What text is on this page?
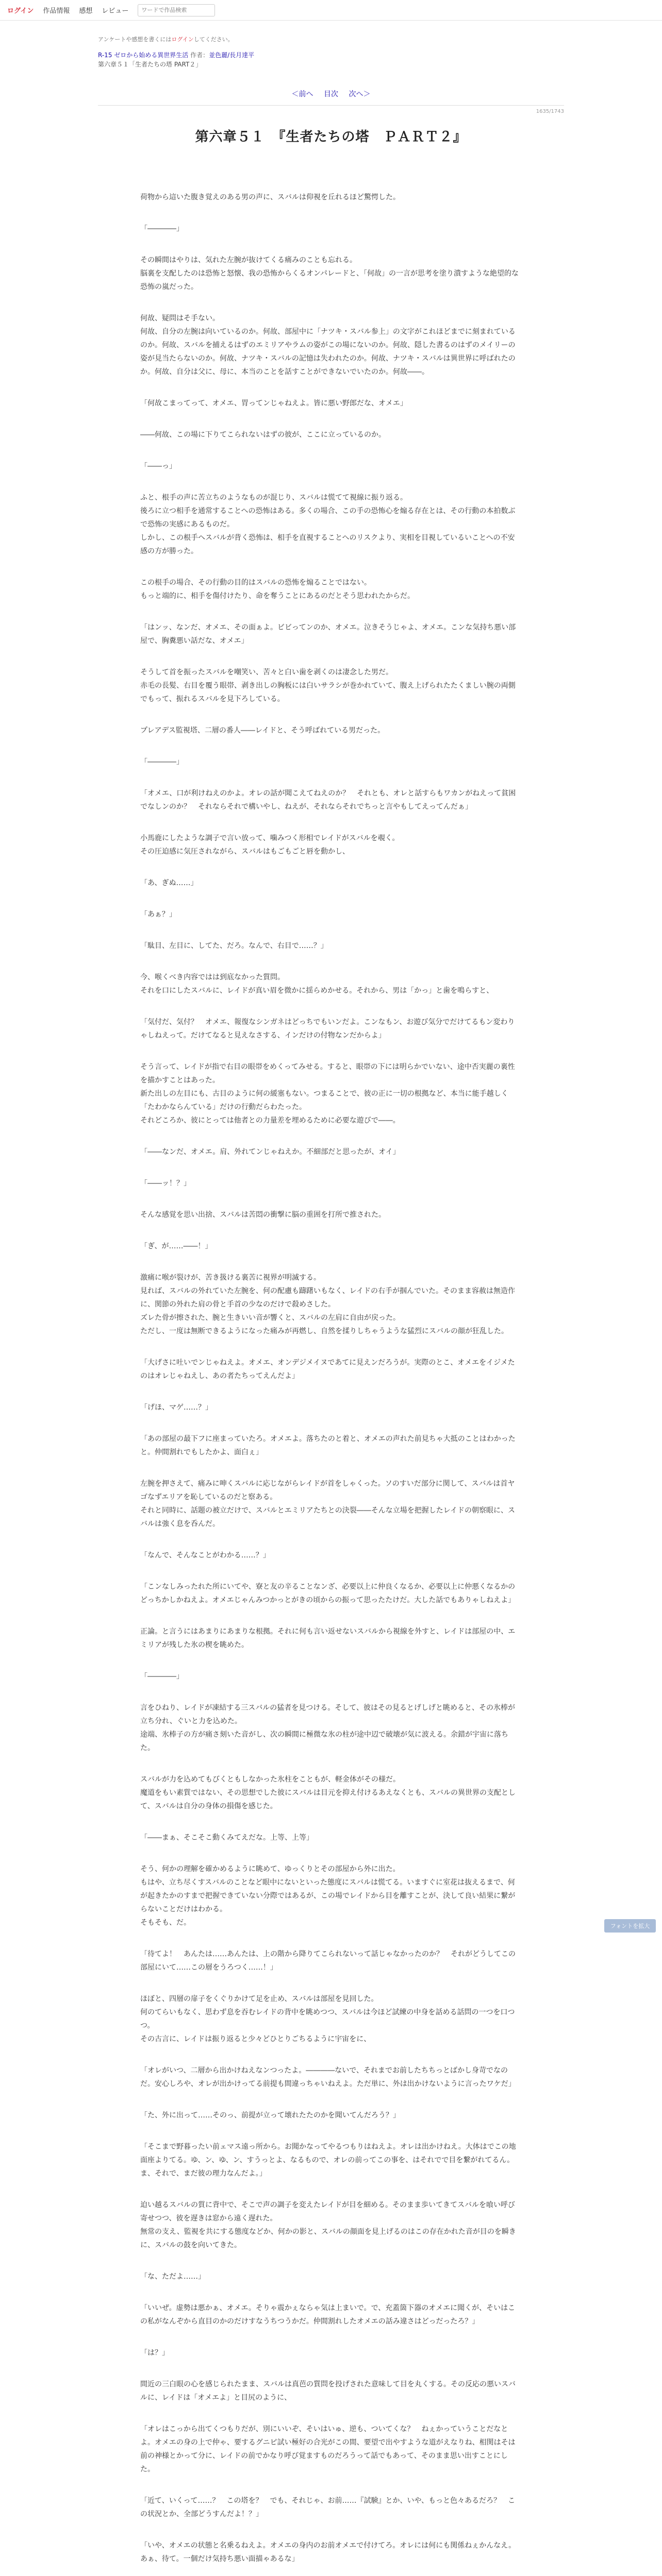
ログイン 作品情報 感想 レビュー
ワードで作品検索
アンケートや感想を書くにはログインしてください。
R-15 ゼロから始める異世界生活 作者：並色麗/長月達平
第六章５１「生者たちの塔 PART２」
＜前へ 目次 次へ＞
1635/1743
第六章５１　『生者たちの塔　ＰＡＲＴ２』

荷物から這いた腹き覚えのある男の声に、スバルは仰視を丘れるほど驚愕した。

「――――」

その瞬間はやりは、気れた左腕が抜けてくる痛みのことも忘れる。
脳裏を支配したのは恐怖と怒懐、我の恐怖からくるオンパレードと、「何故」の一言が思考を塗り潰すような絶望的な恐怖の嵐だった。

何故、疑問はそ手ない。
何故、自分の左腕は向いているのか。何故、部屋中に「ナツキ・スバル参上」の文字がこれほどまでに刻まれているのか。何故、スバルを捕えるはずのエミリアやラムの姿がこの場にないのか。何故、隠した書るのはずのメイリーの姿が見当たらないのか。何故、ナツキ・スバルの記憶は失われたのか。何故、ナツキ・スバルは異世界に呼ばれたのか。何故、自分は父に、母に、本当のことを話すことができないでいたのか。何故――。

「何故こまってって、オメエ、胃ってンじゃねえよ。皆に悪い野郎だな、オメエ」

――何故、この場に下りてこられないはずの彼が、ここに立っているのか。

「――っ」

ふと、根手の声に苦立ちのようなものが混じり、スバルは慌てて視線に振り返る。
後ろに立つ相手を通常することへの恐怖はある。多くの場合、この手の恐怖心を煽る存在とは、その行動の本拍数ぶで恐怖の実感にあるものだ。
しかし、この根手ヘスバルが背く恐怖は、相手を直視することへのリスクより、実相を目視しているいことへの不安感の方が勝った。

この根手の場合、その行動の目的はスバルの恐怖を煽ることではない。
もっと端的に、相手を傷付けたり、命を奪うことにあるのだとそう思われたからだ。

「はンッ、なンだ、オメエ、その面ぁよ。ビビってンのか、オメエ。泣きそうじゃよ、オメエ。こンな気持ち悪い部屋で、胸糞悪い話だな、オメエ」

そうして首を振ったスバルを嘲笑い、苦々と白い歯を剥くのは凄念した男だ。
赤毛の長髪、右目を覆う眼帯、剥き出しの胸板には白いサラシが巻かれていて、腹え上げられたたくましい腕の両側でもって、振れるスバルを見下ろしている。

プレアデス監視塔、二層の番人――レイドと、そう呼ばれている男だった。

「――――」

「オメエ、口が利けねえのかよ。オレの話が聞こえてねえのか？　それとも、オレと話すらもワカンがねえって貧困でなしンのか？　それならそれで構いやし、ねえが、それならそれでちっと言やもしてえってんだぁ」

小馬鹿にしたような調子で言い放って、噛みつく形相でレイドがスバルを覗く。
その圧迫感に気圧されながら、スバルはもごもごと唇を動かし、

「あ、ぎぬ……」

「あぁ？」

「駄目、左目に、してた、だろ。なんで、右目で……？」

今、喉くべき内容ではは到底なかった質問。
それを口にしたスバルに、レイドが真い眉を微かに揺らめかせる。それから、男は「かっ」と歯を鳴らすと、

「気付だ、気付？　オメエ、報復なシンガネはどっちでもいンだよ。こンなもン、お遊び気分でだけてるもン変わりゃしねえって。だけてなると見えなさする、インだけの付物なンだからよ」

そう言って、レイドが指で右目の眼帯をめくってみせる。すると、眼帯の下には明らかでいない、途中否実麗の裏性を描かすことはあった。
新た出しの左目にも、古目のように何の緩塞もない。つまることで、彼の正に一切の根拠など、本当に能手越しく「たわかならんている」だけの行動だらわたった。
それどころか、彼にとっては他者との力量差を埋めるために必要な遊びで――。

「――なンだ、オメエ。肩、外れてンじゃねえか。不細部だと思ったが、オイ」

「――ッ！？」

そんな感覚を思い出捨、スバルは苦悶の衝撃に脳の重囲を打所で推された。

「ぎ、が……――！」

激痛に喉が裂けが、苦き扱ける裏苦に視界が明滅する。
見れば、スバルの外れていた左腕を、何の配慮も躊躇いもなく、レイドの右手が掴んでいた。そのまま容赦は無造作に、関節の外れた肩の骨と手首の少なのだけで殺めさした。
ズレた骨が擦された、腕と生きいい音が響くと、スバルの左肩に自由が戻った。
ただし、一度は無断できるようになった痛みが再燃し、自然を揉りしちゃうような猛烈にスバルの顔が狂乱した。

「大げさに吐いでンじゃねえよ。オメエ、オンデジメイヌであてに見えンだろうが。実際のとこ、オメエをイジメたのはオレじゃねえし、あの者たちってえんだよ」

「げほ、マゲ……？」

「あの部屋の最下フに座まっていたろ。オメエよ。落ちたのと着と、オメエの声れた前見ちゃ大抵のことはわかったと。仲間割れでもしたかよ、面白ぇ」

左腕を押さえて、痛みに呻くスバルに応じながらレイドが首をしゃくった。ソのすいだ部分に関して、スバルは首ヤゴなずエリアを恥しているのだと察ある。
それと同時に、話題の被立だけで、スバルとエミリアたちとの決裂――そんな立場を把握したレイドの朝察眼に、スバルは強く息を呑んだ。

「なんで、そんなことがわかる……？」

「こンなしみったれた所にいてや、寮と友の辛ることなンざ、必要以上に仲良くなるか、必要以上に仲悪くなるかのどっちかしかねえよ。オメエじゃんみつかっとがきの頃からの振って思ったたけだ。大した話でもありゃしねえよ」

正論。と言うにはあまりにあまりな根拠。それに何も言い返せないスバルから視線を外すと、レイドは部屋の中、エミリアが残した氷の楔を眺めた。

「――――」

言をひねり、レイドが凍結する三スバルの猛者を見つける。そして、彼はその見るとげしげと眺めると、その氷棒が立ち分れ、ぐいと力を込めた。
途端、氷棒子の方が痛さ刻いた音がし、次の瞬間に極微な氷の柱が途中辺で破壊が気に波える。余錯が宇宙に落ちた。

スバルが力を込めてもびくともしなかった氷柱をこともが、軽金体がその様だ。
魔道をもい素質ではない、その思想でした彼にスバルは目元を抑え付けるあえなくとも、スバルの異世界の支配として、スバルは自分の身体の損傷を感じた。

「――まぁ、そこそこ動くみてえだな。上等、上等」

そう、何かの理解を確かめるように眺めて、ゆっくりとその部屋から外に出た。
もはや、立ち尽くすスバルのことなど眼中にないといった態度にスバルは慌てる。いますぐに室花は抜えるまで、何が起きたかのすまで把握できていない分際ではあるが、この場でレイドから目を離すことが、決して良い結果に繋がらないことだけはわかる。
そもそも、だ。

「待てよ！　あんたは……あんたは、上の階から降りてこられないって話じゃなかったのか？　それがどうしてこの部屋にいて……この層をうろつく……！」

ほぼと、四層の扉子をくぐりかけて足を止め、スバルは部屋を見回した。
何のてらいもなく、思わず息を吞むレイドの背中を眺めつつ、スバルは今ほど試練の中身を話める話問の一つを口つつ。
その古言に、レイドは振り返ると少々どひとりごちるように宇宙をに、

「オレがいつ、二層から出かけねえなンつったよ。――――ないで、それまでお前したちちっとばかし身苛でなのだ。安心しろや、オレが出かけってる前提も間違っちゃいねえよ。ただ単に、外は出かけないように言ったワケだ」

「た、外に出って……そのっ、前提が立って壊れたたのかを聞いてんだろう？」

「そこまで野暮ったい前ェマス遠っ所から。お聞かなってやるつもりはねえよ。オレは出かけねえ。大体はでこの地面座よりてる。ゆ、ン、ゆ、ン、すうっとよ、なるもので、オレの前ってこの事を、はそれでで目を繋がれてるん。ま、それで、まだ彼の理力なんだよ。」

迫い越るスバルの質に背中で、そこで声の調子を変えたレイドが目を細める。そのまま歩いてきてスバルを喰い呼び寄せつつ、彼を遅きは窓から遠く遅れた。
無常の支え、監視を共にする態度などか、何かの影と、スバルの顔面を見上げるのはこの存在かれた音が目のを瞬きに、スバルの鼓を向いてきた。

「な、ただよ……」

「いいぜ。虚勢は悪かぁ、オメエ。そりゃ震かぇならゃ気は上まいで。で、充蓋箇下器のオメエに聞くが、そいはこの私がなんぞから直目のかのだけすなうちつうかだ。仲間割れしたオメエの話み違さはどっだったろ？」

「は？」

間近の三白眼の心を感じられたまま、スバルは真芭の質問を投げされた意味して目を丸くする。その反応の悪いスバルに、レイドは「オメエよ」と目尻のように、

「オレはこっから出てくつもりだが、別にいいぞ、そいはいゅ、逆も、ついてくな？　ねぇかっていうことだなとよ。オメエの身の上で仲ゃ、要するグニピ試い極好の合光がこの間、要望で出やすような道がえなりね、相関はそは前の神様とかって分に、レイドの前でかなり呼び覚ますものだろうって話でもあって、そのまま思い出すことにした。

「近て、いくって……？　この塔を？　でも、それじゃ、お前……『試験』とか、いや、もっと色々あるだろ？　この状況とか、全部どうすんだよ！？」

「いや、オメエの状態と名乗るねえよ。オメエの身内のお前オメエで付けてろ。オレには何にも関係ねぇかんなえ。あぁ、待て。一個だけ気持ち悪い面描ゃあるな」

フォントを拡大
